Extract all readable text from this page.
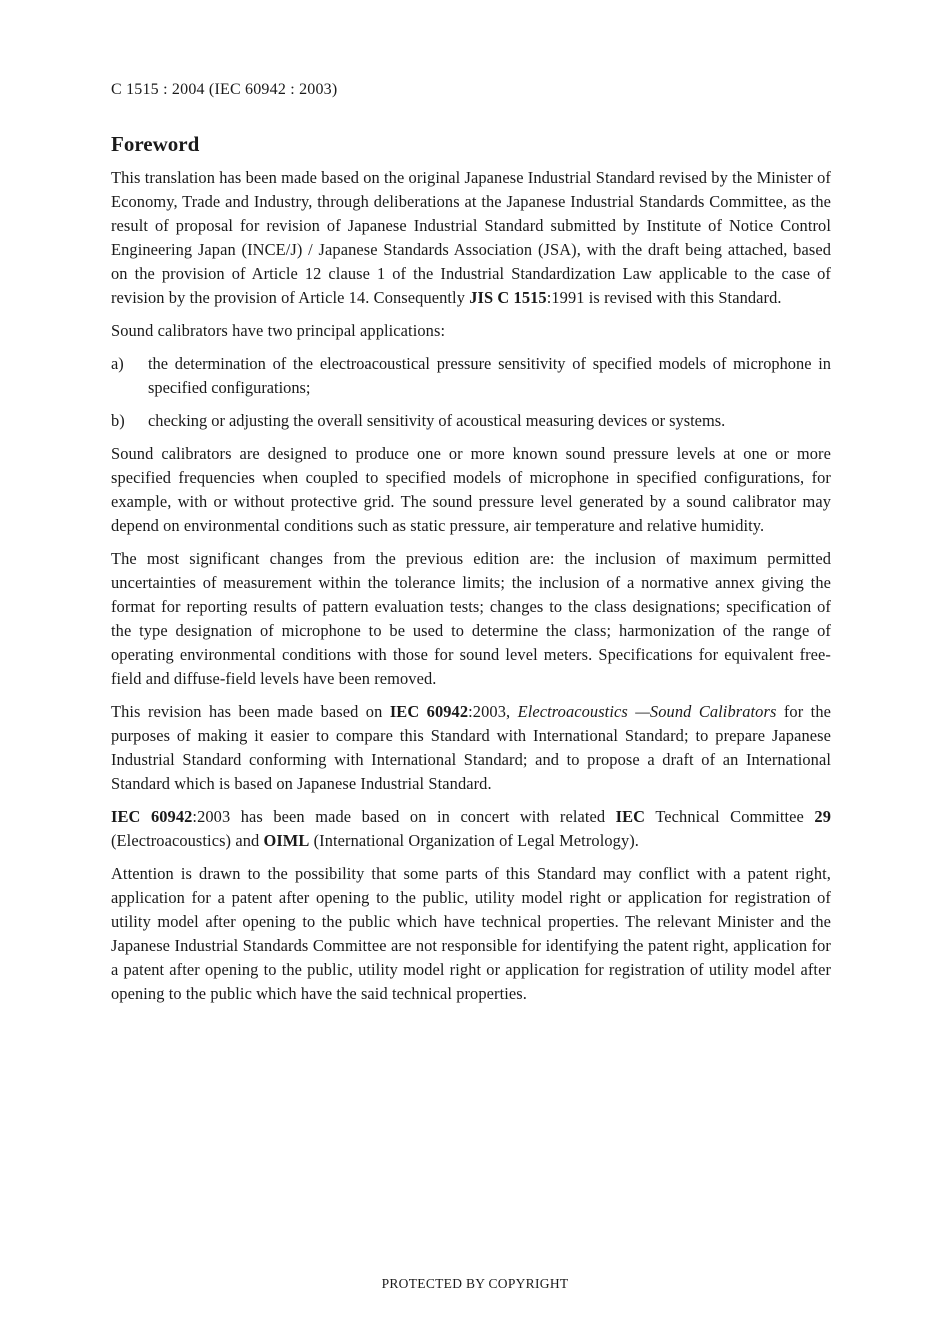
C 1515 : 2004 (IEC 60942 : 2003)
Foreword

This translation has been made based on the original Japanese Industrial Standard revised by the Minister of Economy, Trade and Industry, through deliberations at the Japanese Industrial Standards Committee, as the result of proposal for revision of Japanese Industrial Standard submitted by Institute of Notice Control Engineering Japan (INCE/J) / Japanese Standards Association (JSA), with the draft being attached, based on the provision of Article 12 clause 1 of the Industrial Standardization Law applicable to the case of revision by the provision of Article 14. Consequently JIS C 1515:1991 is revised with this Standard.

Sound calibrators have two principal applications:

a)	the determination of the electroacoustical pressure sensitivity of specified models of microphone in specified configurations;
b)	checking or adjusting the overall sensitivity of acoustical measuring devices or systems.

Sound calibrators are designed to produce one or more known sound pressure levels at one or more specified frequencies when coupled to specified models of microphone in specified configurations, for example, with or without protective grid. The sound pressure level generated by a sound calibrator may depend on environmental conditions such as static pressure, air temperature and relative humidity.

The most significant changes from the previous edition are: the inclusion of maximum permitted uncertainties of measurement within the tolerance limits; the inclusion of a normative annex giving the format for reporting results of pattern evaluation tests; changes to the class designations; specification of the type designation of microphone to be used to determine the class; harmonization of the range of operating environmental conditions with those for sound level meters. Specifications for equivalent free-field and diffuse-field levels have been removed.

This revision has been made based on IEC 60942:2003, Electroacoustics —Sound Calibrators for the purposes of making it easier to compare this Standard with International Standard; to prepare Japanese Industrial Standard conforming with International Standard; and to propose a draft of an International Standard which is based on Japanese Industrial Standard.

IEC 60942:2003 has been made based on in concert with related IEC Technical Committee 29 (Electroacoustics) and OIML (International Organization of Legal Metrology).

Attention is drawn to the possibility that some parts of this Standard may conflict with a patent right, application for a patent after opening to the public, utility model right or application for registration of utility model after opening to the public which have technical properties. The relevant Minister and the Japanese Industrial Standards Committee are not responsible for identifying the patent right, application for a patent after opening to the public, utility model right or application for registration of utility model after opening to the public which have the said technical properties.

PROTECTED BY COPYRIGHT
